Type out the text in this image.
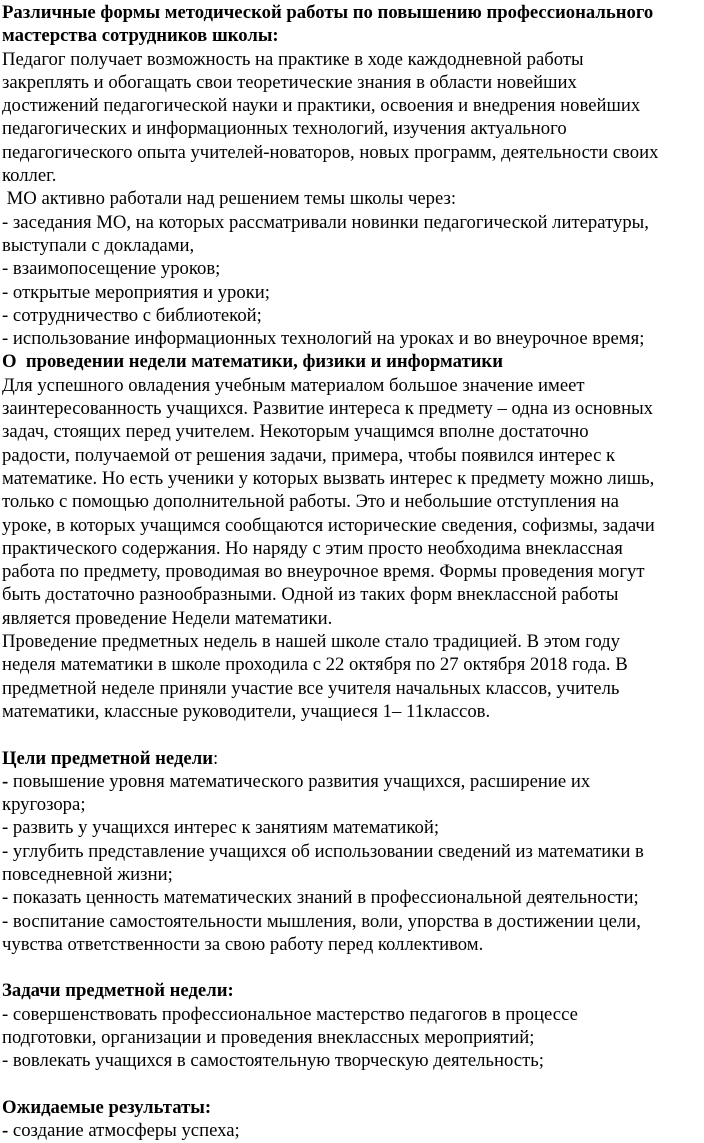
Различные формы методической работы по повышению профессионального
мастерства сотрудников школы:
Педагог получает возможность на практике в ходе каждодневной работы
закреплять и обогащать свои теоретические знания в области новейших
достижений педагогической науки и практики, освоения и внедрения новейших
педагогических и информационных технологий, изучения актуального
педагогического опыта учителей-новаторов, новых программ, деятельности своих
коллег.
МО активно работали над решением темы школы через:
- заседания МО, на которых рассматривали новинки педагогической литературы,
выступали с докладами,
- взаимопосещение уроков;
- открытые мероприятия и уроки;
- сотрудничество с библиотекой;
- использование информационных технологий на уроках и во внеурочное время;
О  проведении недели математики, физики и информатики
Для успешного овладения учебным материалом большое значение имеет
заинтересованность учащихся. Развитие интереса к предмету – одна из основных
задач, стоящих перед учителем. Некоторым учащимся вполне достаточно
радости, получаемой от решения задачи, примера, чтобы появился интерес к
математике. Но есть ученики у которых вызвать интерес к предмету можно лишь,
только с помощью дополнительной работы. Это и небольшие отступления на
уроке, в которых учащимся сообщаются исторические сведения, софизмы, задачи
практического содержания. Но наряду с этим просто необходима внеклассная
работа по предмету, проводимая во внеурочное время. Формы проведения могут
быть достаточно разнообразными. Одной из таких форм внеклассной работы
является проведение Недели математики.
Проведение предметных недель в нашей школе стало традицией. В этом году
неделя математики в школе проходила с 22 октября по 27 октября 2018 года. В
предметной неделе приняли участие все учителя начальных классов, учитель
математики, классные руководители, учащиеся 1– 11классов.
Цели предметной недели:
- повышение уровня математического развития учащихся, расширение их
кругозора;
- развить у учащихся интерес к занятиям математикой;
- углубить представление учащихся об использовании сведений из математики в
повседневной жизни;
- показать ценность математических знаний в профессиональной деятельности;
- воспитание самостоятельности мышления, воли, упорства в достижении цели,
чувства ответственности за свою работу перед коллективом.
Задачи предметной недели:
- совершенствовать профессиональное мастерство педагогов в процессе
подготовки, организации и проведения внеклассных мероприятий;
- вовлекать учащихся в самостоятельную творческую деятельность;
Ожидаемые результаты:
- создание атмосферы успеха;
